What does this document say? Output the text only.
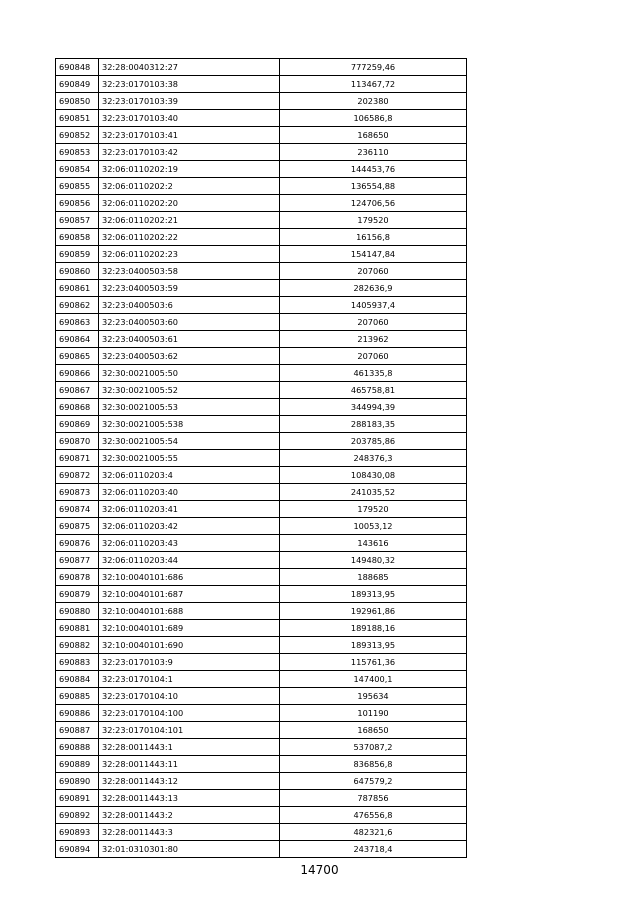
690848	32:28:0040312:27	777259,46
690849	32:23:0170103:38	113467,72
690850	32:23:0170103:39	202380
690851	32:23:0170103:40	106586,8
690852	32:23:0170103:41	168650
690853	32:23:0170103:42	236110
690854	32:06:0110202:19	144453,76
690855	32:06:0110202:2	136554,88
690856	32:06:0110202:20	124706,56
690857	32:06:0110202:21	179520
690858	32:06:0110202:22	16156,8
690859	32:06:0110202:23	154147,84
690860	32:23:0400503:58	207060
690861	32:23:0400503:59	282636,9
690862	32:23:0400503:6	1405937,4
690863	32:23:0400503:60	207060
690864	32:23:0400503:61	213962
690865	32:23:0400503:62	207060
690866	32:30:0021005:50	461335,8
690867	32:30:0021005:52	465758,81
690868	32:30:0021005:53	344994,39
690869	32:30:0021005:538	288183,35
690870	32:30:0021005:54	203785,86
690871	32:30:0021005:55	248376,3
690872	32:06:0110203:4	108430,08
690873	32:06:0110203:40	241035,52
690874	32:06:0110203:41	179520
690875	32:06:0110203:42	10053,12
690876	32:06:0110203:43	143616
690877	32:06:0110203:44	149480,32
690878	32:10:0040101:686	188685
690879	32:10:0040101:687	189313,95
690880	32:10:0040101:688	192961,86
690881	32:10:0040101:689	189188,16
690882	32:10:0040101:690	189313,95
690883	32:23:0170103:9	115761,36
690884	32:23:0170104:1	147400,1
690885	32:23:0170104:10	195634
690886	32:23:0170104:100	101190
690887	32:23:0170104:101	168650
690888	32:28:0011443:1	537087,2
690889	32:28:0011443:11	836856,8
690890	32:28:0011443:12	647579,2
690891	32:28:0011443:13	787856
690892	32:28:0011443:2	476556,8
690893	32:28:0011443:3	482321,6
690894	32:01:0310301:80	243718,4
14700
